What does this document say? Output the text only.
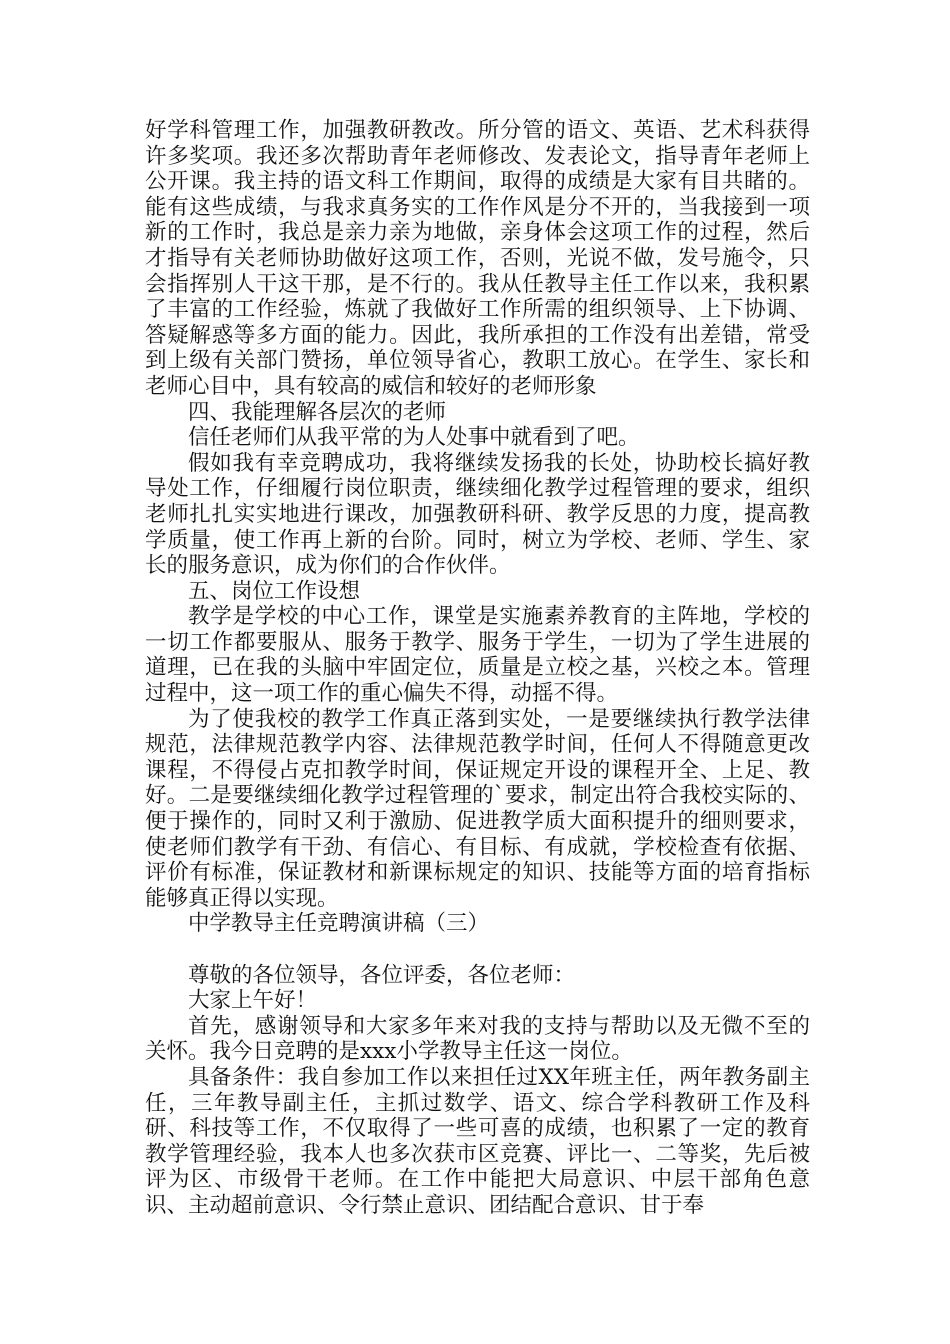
好学科管理工作，加强教研教改。所分管的语文、英语、艺术科获得许多奖项。我还多次帮助青年老师修改、发表论文，指导青年老师上公开课。我主持的语文科工作期间，取得的成绩是大家有目共睹的。能有这些成绩，与我求真务实的工作作风是分不开的，当我接到一项新的工作时，我总是亲力亲为地做，亲身体会这项工作的过程，然后才指导有关老师协助做好这项工作，否则，光说不做，发号施令，只会指挥别人干这干那，是不行的。我从任教导主任工作以来，我积累了丰富的工作经验，炼就了我做好工作所需的组织领导、上下协调、答疑解惑等多方面的能力。因此，我所承担的工作没有出差错，常受到上级有关部门赞扬，单位领导省心，教职工放心。在学生、家长和老师心目中，具有较高的威信和较好的老师形象

四、我能理解各层次的老师

信任老师们从我平常的为人处事中就看到了吧。

假如我有幸竞聘成功，我将继续发扬我的长处，协助校长搞好教导处工作，仔细履行岗位职责，继续细化教学过程管理的要求，组织老师扎扎实实地进行课改，加强教研科研、教学反思的力度，提高教学质量，使工作再上新的台阶。同时，树立为学校、老师、学生、家长的服务意识，成为你们的合作伙伴。

五、岗位工作设想

教学是学校的中心工作，课堂是实施素养教育的主阵地，学校的一切工作都要服从、服务于教学、服务于学生，一切为了学生进展的道理，已在我的头脑中牢固定位，质量是立校之基，兴校之本。管理过程中，这一项工作的重心偏失不得，动摇不得。

为了使我校的教学工作真正落到实处，一是要继续执行教学法律规范，法律规范教学内容、法律规范教学时间，任何人不得随意更改课程，不得侵占克扣教学时间，保证规定开设的课程开全、上足、教好。二是要继续细化教学过程管理的`要求，制定出符合我校实际的、便于操作的，同时又利于激励、促进教学质大面积提升的细则要求，使老师们教学有干劲、有信心、有目标、有成就，学校检查有依据、评价有标准，保证教材和新课标规定的知识、技能等方面的培育指标能够真正得以实现。

中学教导主任竞聘演讲稿（三）

尊敬的各位领导，各位评委，各位老师：

大家上午好！

首先，感谢领导和大家多年来对我的支持与帮助以及无微不至的关怀。我今日竞聘的是xxx小学教导主任这一岗位。

具备条件：我自参加工作以来担任过XX年班主任，两年教务副主任，三年教导副主任，主抓过数学、语文、综合学科教研工作及科研、科技等工作，不仅取得了一些可喜的成绩，也积累了一定的教育教学管理经验，我本人也多次获市区竞赛、评比一、二等奖，先后被评为区、市级骨干老师。在工作中能把大局意识、中层干部角色意识、主动超前意识、令行禁止意识、团结配合意识、甘于奉
